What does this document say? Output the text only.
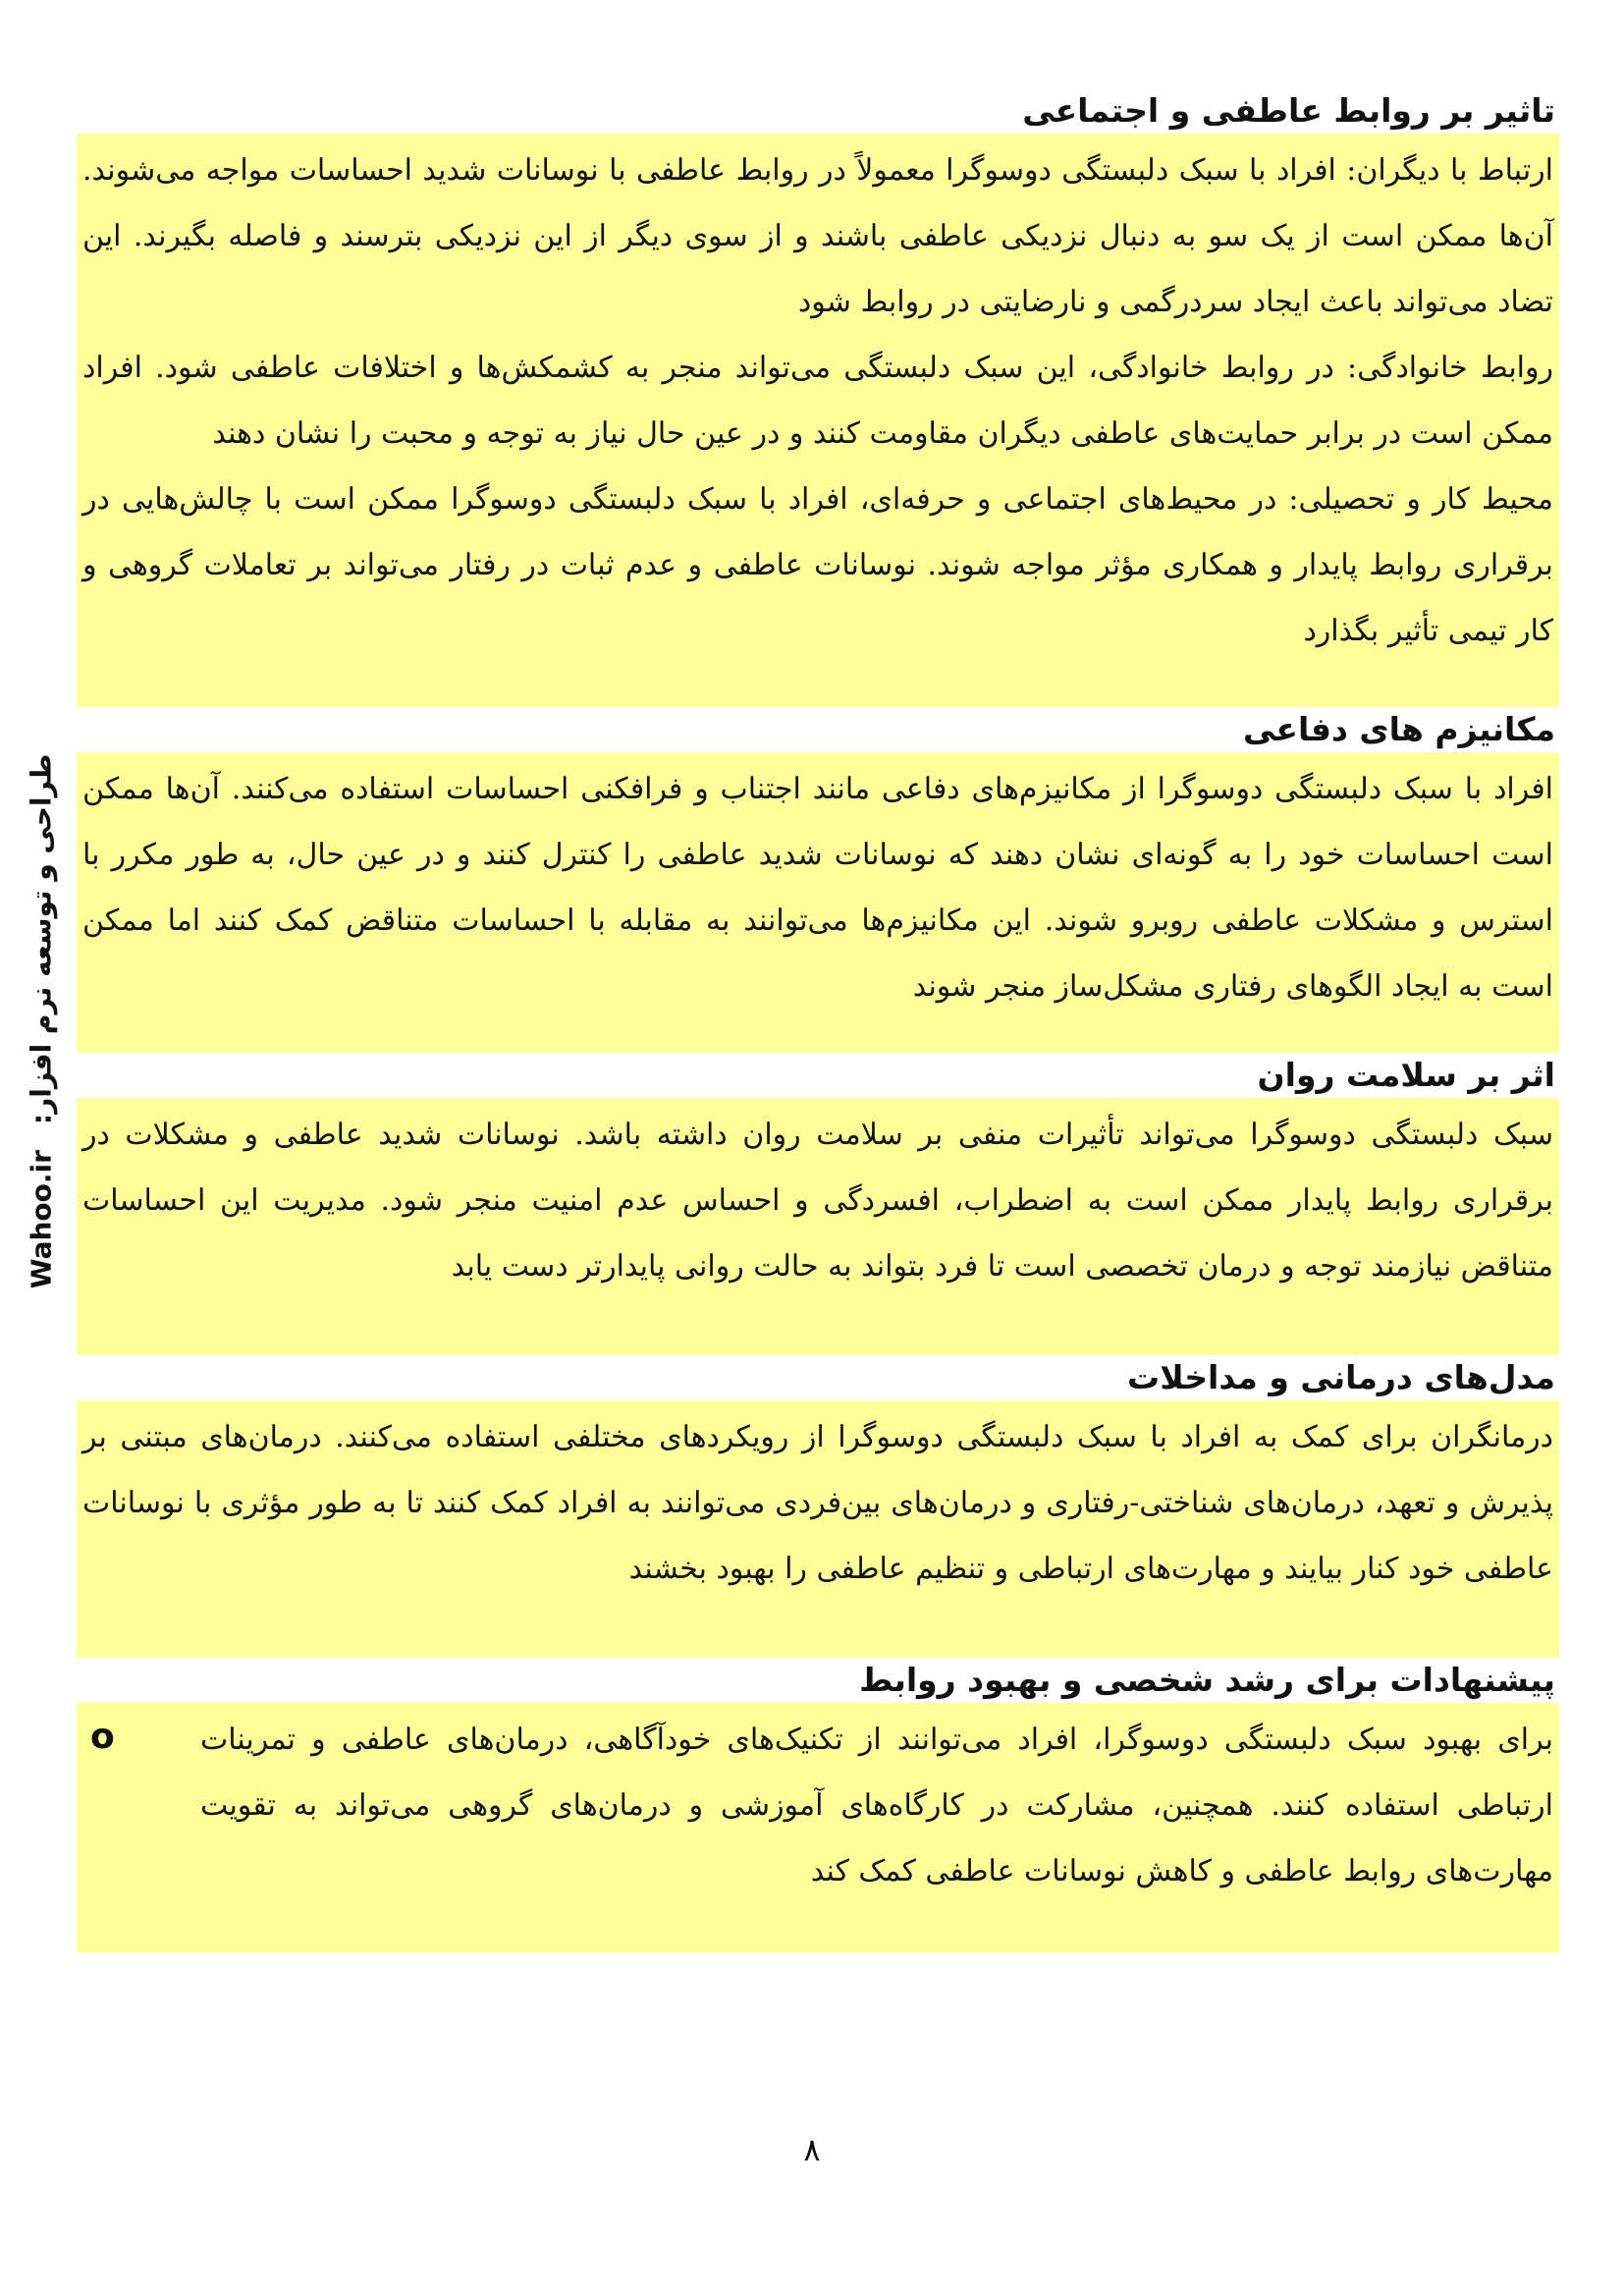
تاثیر بر روابط عاطفی و اجتماعی

ارتباط با دیگران: افراد با سبک دلبستگی دوسوگرا معمولاً در روابط عاطفی با نوسانات شدید احساسات مواجه می‌شوند. آن‌ها ممکن است از یک سو به دنبال نزدیکی عاطفی باشند و از سوی دیگر از این نزدیکی بترسند و فاصله بگیرند. این تضاد می‌تواند باعث ایجاد سردرگمی و نارضایتی در روابط شود

روابط خانوادگی: در روابط خانوادگی، این سبک دلبستگی می‌تواند منجر به کشمکش‌ها و اختلافات عاطفی شود. افراد ممکن است در برابر حمایت‌های عاطفی دیگران مقاومت کنند و در عین حال نیاز به توجه و محبت را نشان دهند

محیط کار و تحصیلی: در محیط‌های اجتماعی و حرفه‌ای، افراد با سبک دلبستگی دوسوگرا ممکن است با چالش‌هایی در برقراری روابط پایدار و همکاری مؤثر مواجه شوند. نوسانات عاطفی و عدم ثبات در رفتار می‌تواند بر تعاملات گروهی و کار تیمی تأثیر بگذارد

مکانیزم های دفاعی

افراد با سبک دلبستگی دوسوگرا از مکانیزم‌های دفاعی مانند اجتناب و فرافکنی احساسات استفاده می‌کنند. آن‌ها ممکن است احساسات خود را به گونه‌ای نشان دهند که نوسانات شدید عاطفی را کنترل کنند و در عین حال، به طور مکرر با استرس و مشکلات عاطفی روبرو شوند. این مکانیزم‌ها می‌توانند به مقابله با احساسات متناقض کمک کنند اما ممکن است به ایجاد الگوهای رفتاری مشکل‌ساز منجر شوند

اثر بر سلامت روان

سبک دلبستگی دوسوگرا می‌تواند تأثیرات منفی بر سلامت روان داشته باشد. نوسانات شدید عاطفی و مشکلات در برقراری روابط پایدار ممکن است به اضطراب، افسردگی و احساس عدم امنیت منجر شود. مدیریت این احساسات متناقض نیازمند توجه و درمان تخصصی است تا فرد بتواند به حالت روانی پایدارتر دست یابد

مدل‌های درمانی و مداخلات

درمانگران برای کمک به افراد با سبک دلبستگی دوسوگرا از رویکردهای مختلفی استفاده می‌کنند. درمان‌های مبتنی بر پذیرش و تعهد، درمان‌های شناختی-رفتاری و درمان‌های بین‌فردی می‌توانند به افراد کمک کنند تا به طور مؤثری با نوسانات عاطفی خود کنار بیایند و مهارت‌های ارتباطی و تنظیم عاطفی را بهبود بخشند

پیشنهادات برای رشد شخصی و بهبود روابط
o	برای بهبود سبک دلبستگی دوسوگرا، افراد می‌توانند از تکنیک‌های خودآگاهی، درمان‌های عاطفی و تمرینات ارتباطی استفاده کنند. همچنین، مشارکت در کارگاه‌های آموزشی و درمان‌های گروهی می‌تواند به تقویت مهارت‌های روابط عاطفی و کاهش نوسانات عاطفی کمک کند

Wahoo.ir
طراحی و توسعه نرم افزار:
۸
